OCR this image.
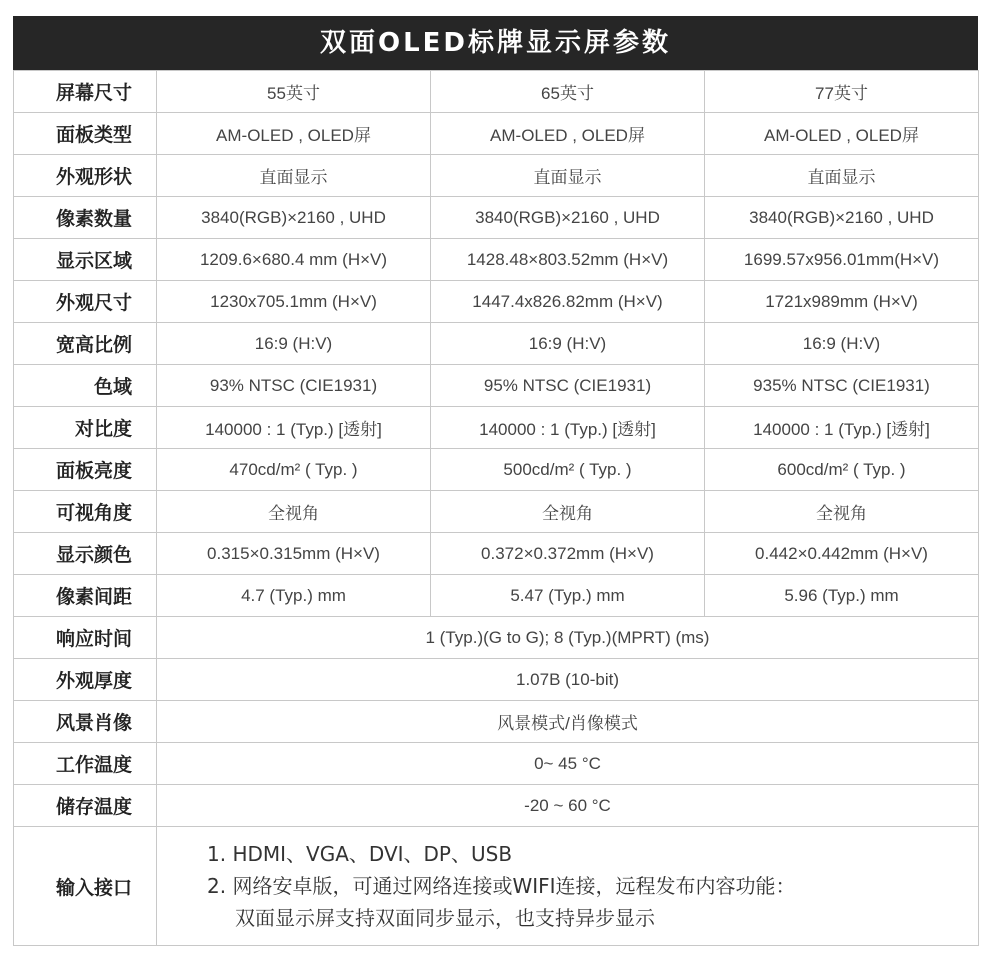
双面OLED标牌显示屏参数
屏幕尺寸	55英寸	65英寸	77英寸
面板类型	AM-OLED , OLED屏	AM-OLED , OLED屏	AM-OLED , OLED屏
外观形状	直面显示	直面显示	直面显示
像素数量	3840(RGB)×2160 , UHD	3840(RGB)×2160 , UHD	3840(RGB)×2160 , UHD
显示区域	1209.6×680.4 mm (H×V)	1428.48×803.52mm (H×V)	1699.57x956.01mm(H×V)
外观尺寸	1230x705.1mm (H×V)	1447.4x826.82mm (H×V)	1721x989mm (H×V)
宽高比例	16:9 (H:V)	16:9 (H:V)	16:9 (H:V)
色域	93% NTSC (CIE1931)	95% NTSC (CIE1931)	935% NTSC (CIE1931)
对比度	140000 : 1 (Typ.) [透射]	140000 : 1 (Typ.) [透射]	140000 : 1 (Typ.) [透射]
面板亮度	470cd/m² ( Typ. )	500cd/m² ( Typ. )	600cd/m² ( Typ. )
可视角度	全视角	全视角	全视角
显示颜色	0.315×0.315mm (H×V)	0.372×0.372mm (H×V)	0.442×0.442mm (H×V)
像素间距	4.7 (Typ.) mm	5.47 (Typ.) mm	5.96 (Typ.) mm
响应时间	1 (Typ.)(G to G); 8 (Typ.)(MPRT) (ms)		
外观厚度	1.07B (10-bit)		
风景肖像	风景模式/肖像模式		
工作温度	0~ 45 °C		
储存温度	-20 ~ 60 °C		
输入接口	1. HDMI、VGA、DVI、DP、USB
2. 网络安卓版，可通过网络连接或WIFI连接，远程发布内容功能：
双面显示屏支持双面同步显示，也支持异步显示		
